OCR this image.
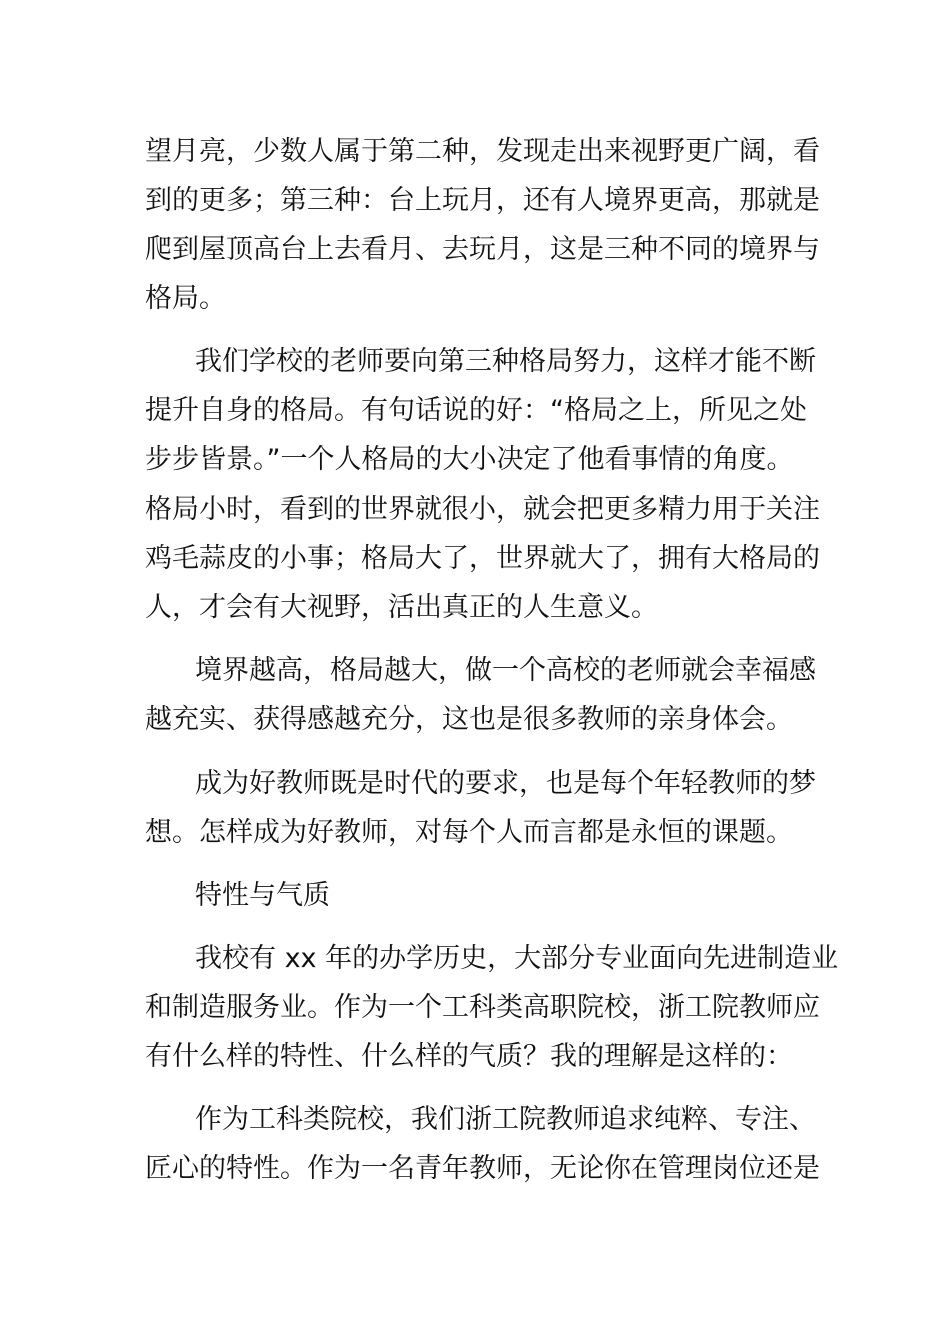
望月亮，少数人属于第二种，发现走出来视野更广阔，看
到的更多；第三种：台上玩月，还有人境界更高，那就是
爬到屋顶高台上去看月、去玩月，这是三种不同的境界与
格局。
我们学校的老师要向第三种格局努力，这样才能不断
提升自身的格局。有句话说的好：“格局之上，所见之处
步步皆景。”一个人格局的大小决定了他看事情的角度。
格局小时，看到的世界就很小，就会把更多精力用于关注
鸡毛蒜皮的小事；格局大了，世界就大了，拥有大格局的
人，才会有大视野，活出真正的人生意义。
境界越高，格局越大，做一个高校的老师就会幸福感
越充实、获得感越充分，这也是很多教师的亲身体会。
成为好教师既是时代的要求，也是每个年轻教师的梦
想。怎样成为好教师，对每个人而言都是永恒的课题。
特性与气质
我校有 xx 年的办学历史，大部分专业面向先进制造业
和制造服务业。作为一个工科类高职院校，浙工院教师应
有什么样的特性、什么样的气质？我的理解是这样的：
作为工科类院校，我们浙工院教师追求纯粹、专注、
匠心的特性。作为一名青年教师，无论你在管理岗位还是
